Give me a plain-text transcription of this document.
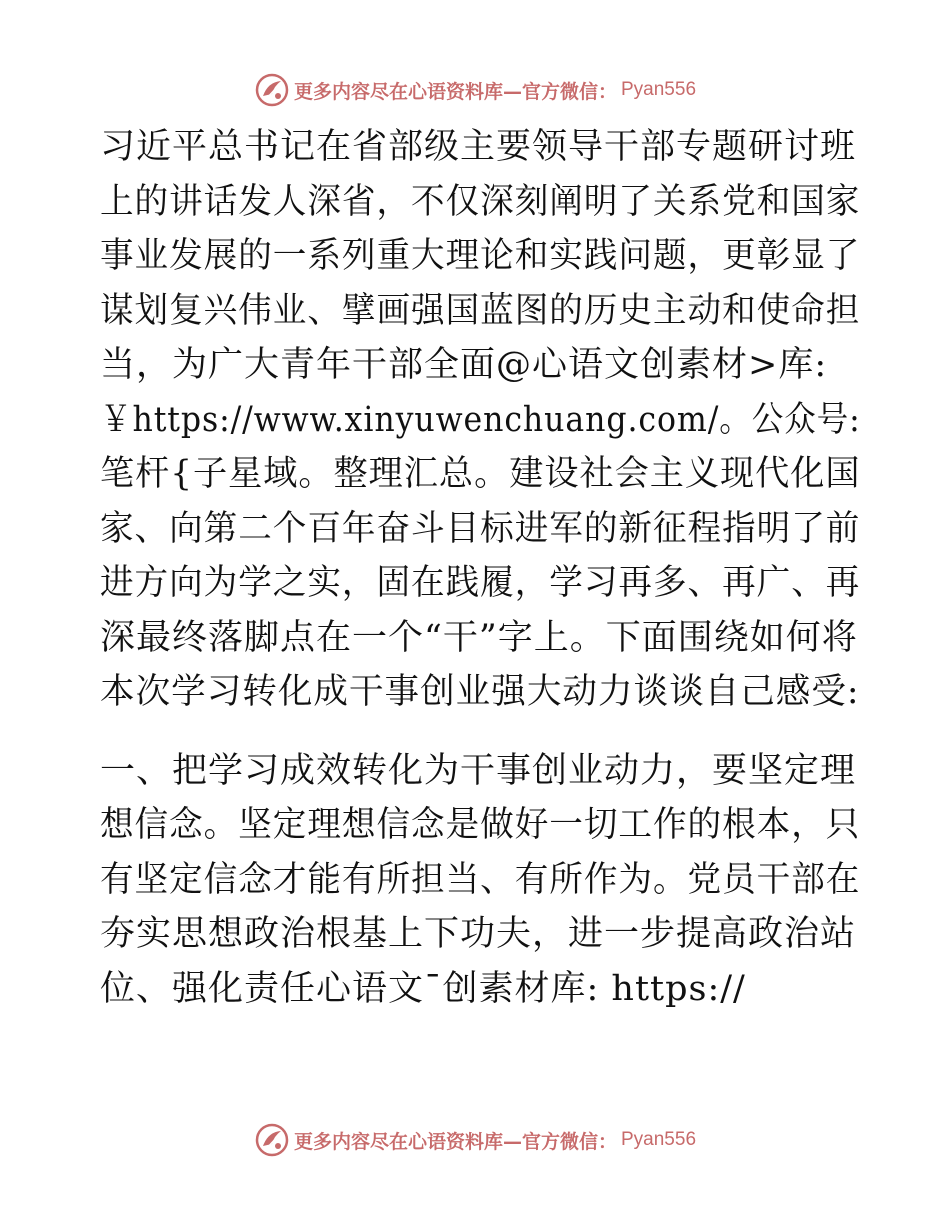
更多内容尽在心语资料库—官方微信： Pyan556
习近平总书记在省部级主要领导干部专题研讨班
上的讲话发人深省，不仅深刻阐明了关系党和国家
事业发展的一系列重大理论和实践问题，更彰显了
谋划复兴伟业、擘画强国蓝图的历史主动和使命担
当，为广大青年干部全面@心语文创素材>库:
￥https://www.xinyuwenchuang.com/。公众号:
笔杆{子星域。整理汇总。建设社会主义现代化国
家、向第二个百年奋斗目标进军的新征程指明了前
进方向为学之实，固在践履，学习再多、再广、再
深最终落脚点在一个“干”字上。下面围绕如何将
本次学习转化成干事创业强大动力谈谈自己感受:
一、把学习成效转化为干事创业动力，要坚定理
想信念。坚定理想信念是做好一切工作的根本，只
有坚定信念才能有所担当、有所作为。党员干部在
夯实思想政治根基上下功夫，进一步提高政治站
位、强化责任心语文¯创素材库: https://
更多内容尽在心语资料库—官方微信： Pyan556
